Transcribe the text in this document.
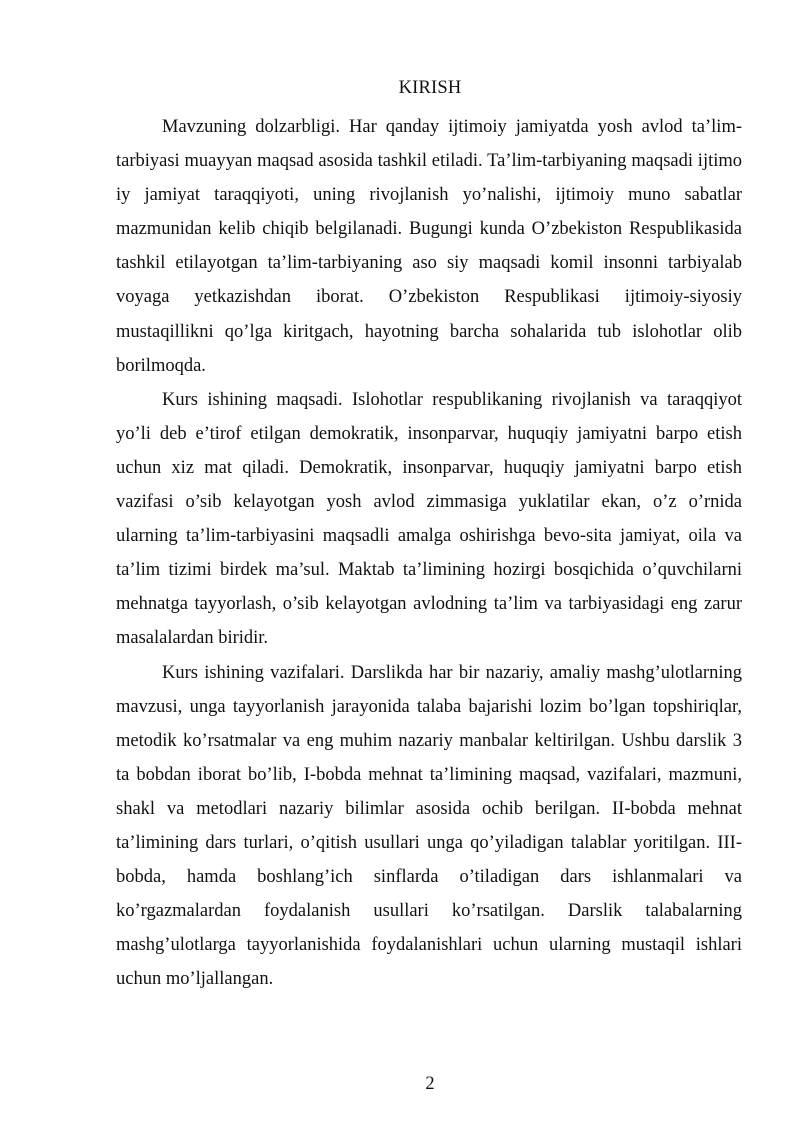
KIRISH

Mavzuning dolzarbligi. Har qanday ijtimoiy jamiyatda yosh avlod ta’lim-tarbiyasi muayyan maqsad asosida tashkil etiladi. Ta’lim-tarbiyaning maqsadi ijtimo iy jamiyat taraqqiyoti, uning rivojlanish yo’nalishi, ijtimoiy muno sabatlar mazmunidan kelib chiqib belgilanadi. Bugungi kunda O’zbekiston Respublikasida tashkil etilayotgan ta’lim-tarbiyaning aso siy maqsadi komil insonni tarbiyalab voyaga yetkazishdan iborat. O’zbekiston Respublikasi ijtimoiy-siyosiy mustaqillikni qo’lga kiritgach, hayotning barcha sohalarida tub islohotlar olib borilmoqda.

Kurs ishining maqsadi. Islohotlar respublikaning rivojlanish va taraqqiyot yo’li deb e’tirof etilgan demokratik, insonparvar, huquqiy jamiyatni barpo etish uchun xiz mat qiladi. Demokratik, insonparvar, huquqiy jamiyatni barpo etish vazifasi o’sib kelayotgan yosh avlod zimmasiga yuklatilar ekan, o’z o’rnida ularning ta’lim-tarbiyasini maqsadli amalga oshirishga bevo-sita jamiyat, oila va ta’lim tizimi birdek ma’sul. Maktab ta’limining hozirgi bosqichida o’quvchilarni mehnatga tayyorlash, o’sib kelayotgan avlodning ta’lim va tarbiyasidagi eng zarur masalalardan biridir.

Kurs ishining vazifalari. Darslikda har bir nazariy, amaliy mashg’ulotlarning mavzusi, unga tayyorlanish jarayonida talaba bajarishi lozim bo’lgan topshiriqlar, metodik ko’rsatmalar va eng muhim nazariy manbalar keltirilgan. Ushbu darslik 3 ta bobdan iborat bo’lib, I-bobda mehnat ta’limining maqsad, vazifalari, mazmuni, shakl va metodlari nazariy bilimlar asosida ochib berilgan. II-bobda mehnat ta’limining dars turlari, o’qitish usullari unga qo’yiladigan talablar yoritilgan. III-bobda, hamda boshlang’ich sinflarda o’tiladigan dars ishlanmalari va ko’rgazmalardan foydalanish usullari ko’rsatilgan. Darslik talabalarning mashg’ulotlarga tayyorlanishida foydalanishlari uchun ularning mustaqil ishlari uchun mo’ljallangan.

2
